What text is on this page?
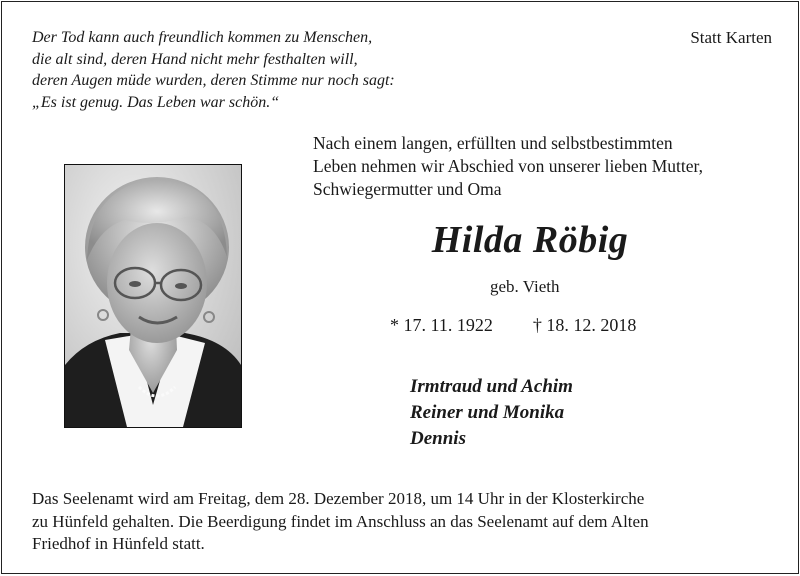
Der Tod kann auch freundlich kommen zu Menschen,
die alt sind, deren Hand nicht mehr festhalten will,
deren Augen müde wurden, deren Stimme nur noch sagt:
„Es ist genug. Das Leben war schön.“
Statt Karten
Nach einem langen, erfüllten und selbstbestimmten
Leben nehmen wir Abschied von unserer lieben Mutter,
Schwiegermutter und Oma
Hilda Röbig
geb. Vieth
* 17. 11. 1922 † 18. 12. 2018
Irmtraud und Achim
Reiner und Monika
Dennis
Das Seelenamt wird am Freitag, dem 28. Dezember 2018, um 14 Uhr in der Klosterkirche
zu Hünfeld gehalten. Die Beerdigung findet im Anschluss an das Seelenamt auf dem Alten
Friedhof in Hünfeld statt.
